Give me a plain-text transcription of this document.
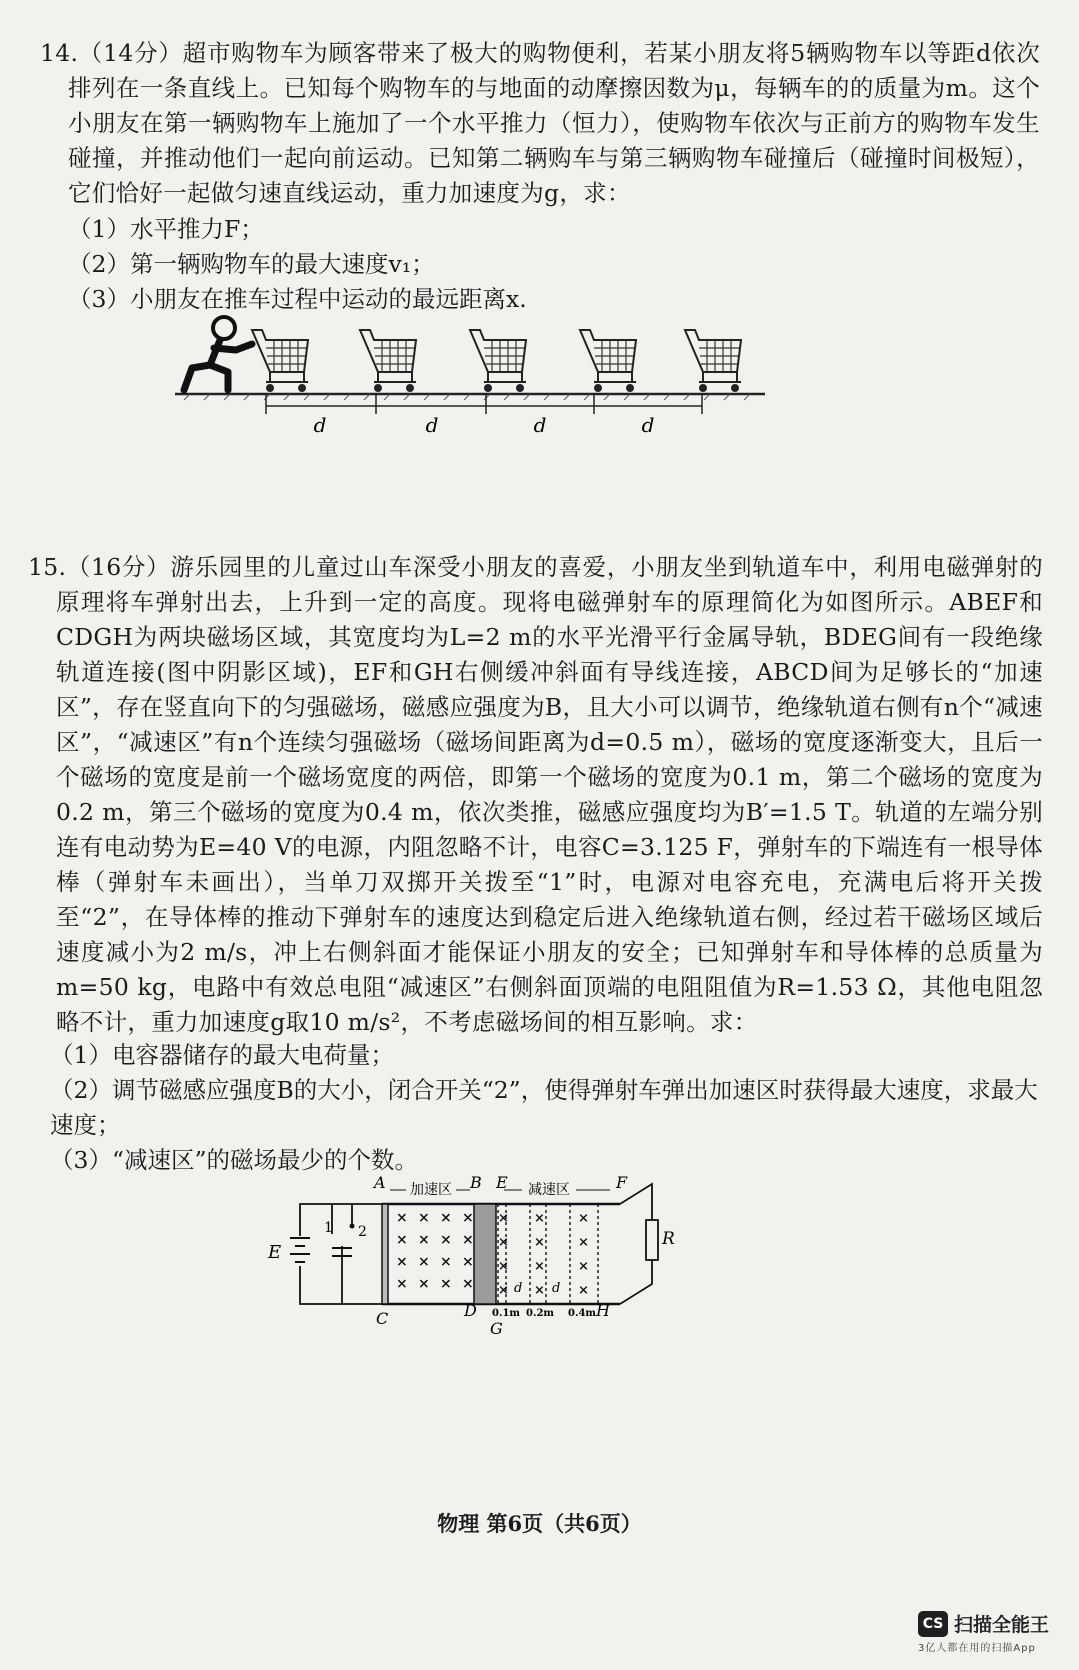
14.（14分）超市购物车为顾客带来了极大的购物便利，若某小朋友将5辆购物车以等距d依次排列在一条直线上。已知每个购物车的与地面的动摩擦因数为μ，每辆车的的质量为m。这个小朋友在第一辆购物车上施加了一个水平推力（恒力），使购物车依次与正前方的购物车发生碰撞，并推动他们一起向前运动。已知第二辆购车与第三辆购物车碰撞后（碰撞时间极短），它们恰好一起做匀速直线运动，重力加速度为g，求：
（1）水平推力F；
（2）第一辆购物车的最大速度v₁；
（3）小朋友在推车过程中运动的最远距离x.
d	d	d	d
15.（16分）游乐园里的儿童过山车深受小朋友的喜爱，小朋友坐到轨道车中，利用电磁弹射的原理将车弹射出去，上升到一定的高度。现将电磁弹射车的原理简化为如图所示。ABEF和CDGH为两块磁场区域，其宽度均为L=2 m的水平光滑平行金属导轨，BDEG间有一段绝缘轨道连接(图中阴影区域)，EF和GH右侧缓冲斜面有导线连接，ABCD间为足够长的“加速区”，存在竖直向下的匀强磁场，磁感应强度为B，且大小可以调节，绝缘轨道右侧有n个“减速区”，“减速区”有n个连续匀强磁场（磁场间距离为d=0.5 m），磁场的宽度逐渐变大，且后一个磁场的宽度是前一个磁场宽度的两倍，即第一个磁场的宽度为0.1 m，第二个磁场的宽度为0.2 m，第三个磁场的宽度为0.4 m，依次类推，磁感应强度均为B′=1.5 T。轨道的左端分别连有电动势为E=40 V的电源，内阻忽略不计，电容C=3.125 F，弹射车的下端连有一根导体棒（弹射车未画出），当单刀双掷开关拨至“1”时，电源对电容充电，充满电后将开关拨至“2”，在导体棒的推动下弹射车的速度达到稳定后进入绝缘轨道右侧，经过若干磁场区域后速度减小为2 m/s，冲上右侧斜面才能保证小朋友的安全；已知弹射车和导体棒的总质量为m=50 kg，电路中有效总电阻“减速区”右侧斜面顶端的电阻阻值为R=1.53 Ω，其他电阻忽略不计，重力加速度g取10 m/s²，不考虑磁场间的相互影响。求：
（1）电容器储存的最大电荷量；
（2）调节磁感应强度B的大小，闭合开关“2”，使得弹射车弹出加速区时获得最大速度，求最大速度；
（3）“减速区”的磁场最少的个数。
R
E
1 2
× × × ×
× × × ×
× × × ×
× × × ×
×
×
×
×
×
×
×
×
×
×
×
×
加速区	减速区
A	B E	F
C	D
G
H
d d
0.1m 0.2m 0.4m
物理 第6页（共6页）
CS 扫描全能王
3亿人都在用的扫描App
